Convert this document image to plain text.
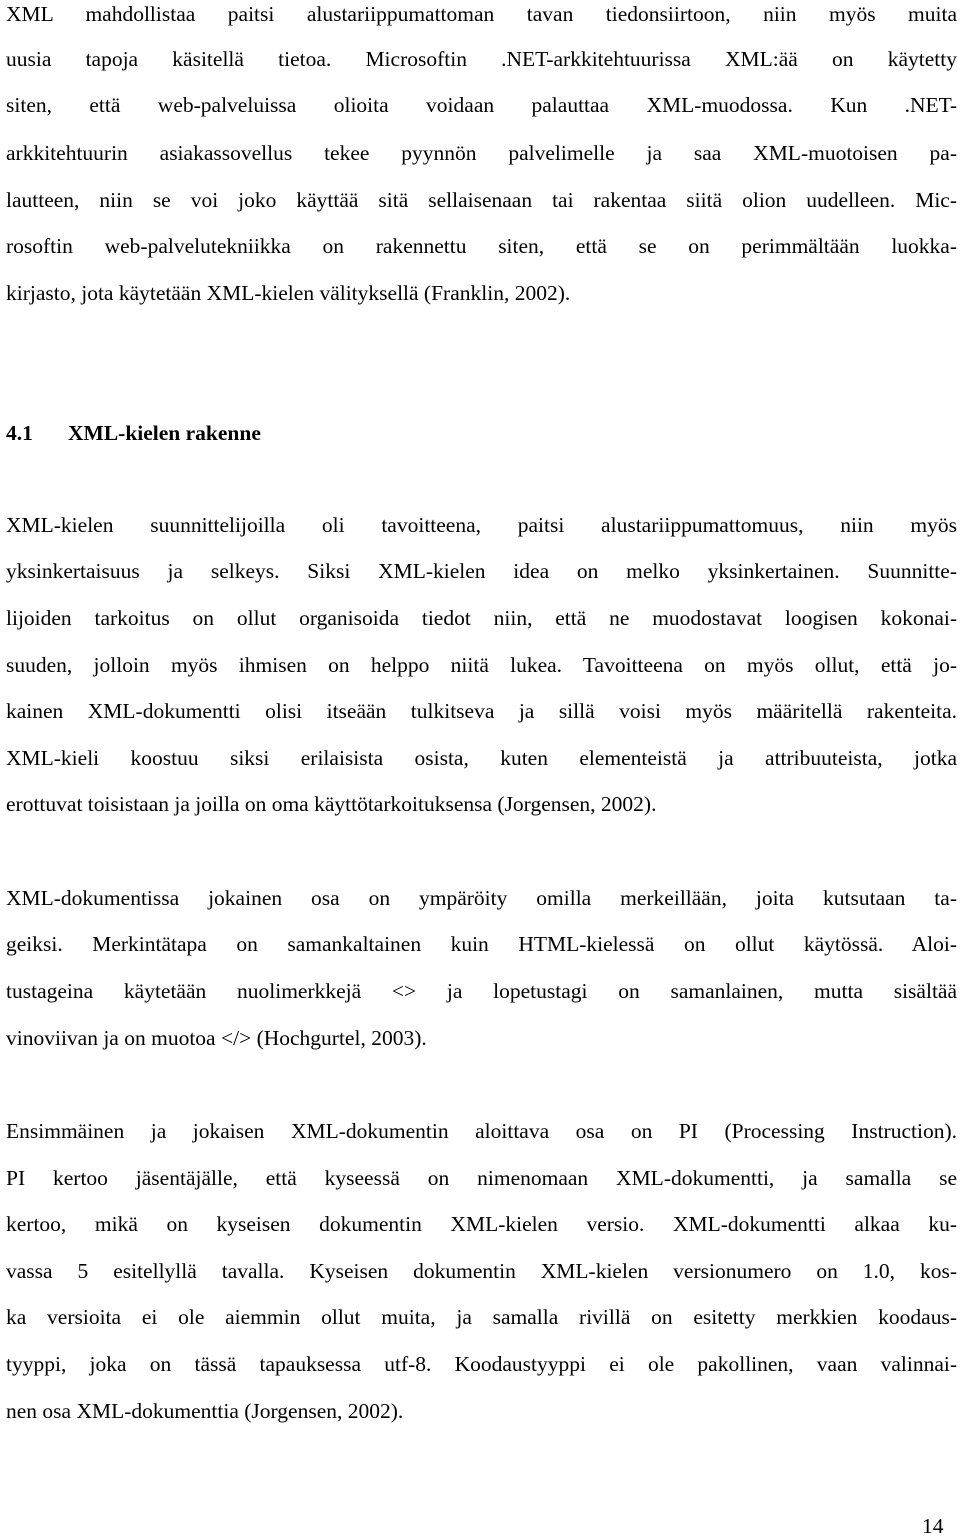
XML mahdollistaa paitsi alustariippumattoman tavan tiedonsiirtoon, niin myös muita
uusia tapoja käsitellä tietoa. Microsoftin .NET-arkkitehtuurissa XML:ää on käytetty
siten, että web-palveluissa olioita voidaan palauttaa XML-muodossa. Kun .NET-
arkkitehtuurin asiakassovellus tekee pyynnön palvelimelle ja saa XML-muotoisen pa-
lautteen, niin se voi joko käyttää sitä sellaisenaan tai rakentaa siitä olion uudelleen. Mic-
rosoftin web-palvelutekniikka on rakennettu siten, että se on perimmältään luokka-
kirjasto, jota käytetään XML-kielen välityksellä (Franklin, 2002).
4.1 XML-kielen rakenne
XML-kielen suunnittelijoilla oli tavoitteena, paitsi alustariippumattomuus, niin myös
yksinkertaisuus ja selkeys. Siksi XML-kielen idea on melko yksinkertainen. Suunnitte-
lijoiden tarkoitus on ollut organisoida tiedot niin, että ne muodostavat loogisen kokonai-
suuden, jolloin myös ihmisen on helppo niitä lukea. Tavoitteena on myös ollut, että jo-
kainen XML-dokumentti olisi itseään tulkitseva ja sillä voisi myös määritellä rakenteita.
XML-kieli koostuu siksi erilaisista osista, kuten elementeistä ja attribuuteista, jotka
erottuvat toisistaan ja joilla on oma käyttötarkoituksensa (Jorgensen, 2002).
XML-dokumentissa jokainen osa on ympäröity omilla merkeillään, joita kutsutaan ta-
geiksi. Merkintätapa on samankaltainen kuin HTML-kielessä on ollut käytössä. Aloi-
tustageina käytetään nuolimerkkejä <> ja lopetustagi on samanlainen, mutta sisältää
vinoviivan ja on muotoa </> (Hochgurtel, 2003).
Ensimmäinen ja jokaisen XML-dokumentin aloittava osa on PI (Processing Instruction).
PI kertoo jäsentäjälle, että kyseessä on nimenomaan XML-dokumentti, ja samalla se
kertoo, mikä on kyseisen dokumentin XML-kielen versio. XML-dokumentti alkaa ku-
vassa 5 esitellyllä tavalla. Kyseisen dokumentin XML-kielen versionumero on 1.0, kos-
ka versioita ei ole aiemmin ollut muita, ja samalla rivillä on esitetty merkkien koodaus-
tyyppi, joka on tässä tapauksessa utf-8. Koodaustyyppi ei ole pakollinen, vaan valinnai-
nen osa XML-dokumenttia (Jorgensen, 2002).
14
